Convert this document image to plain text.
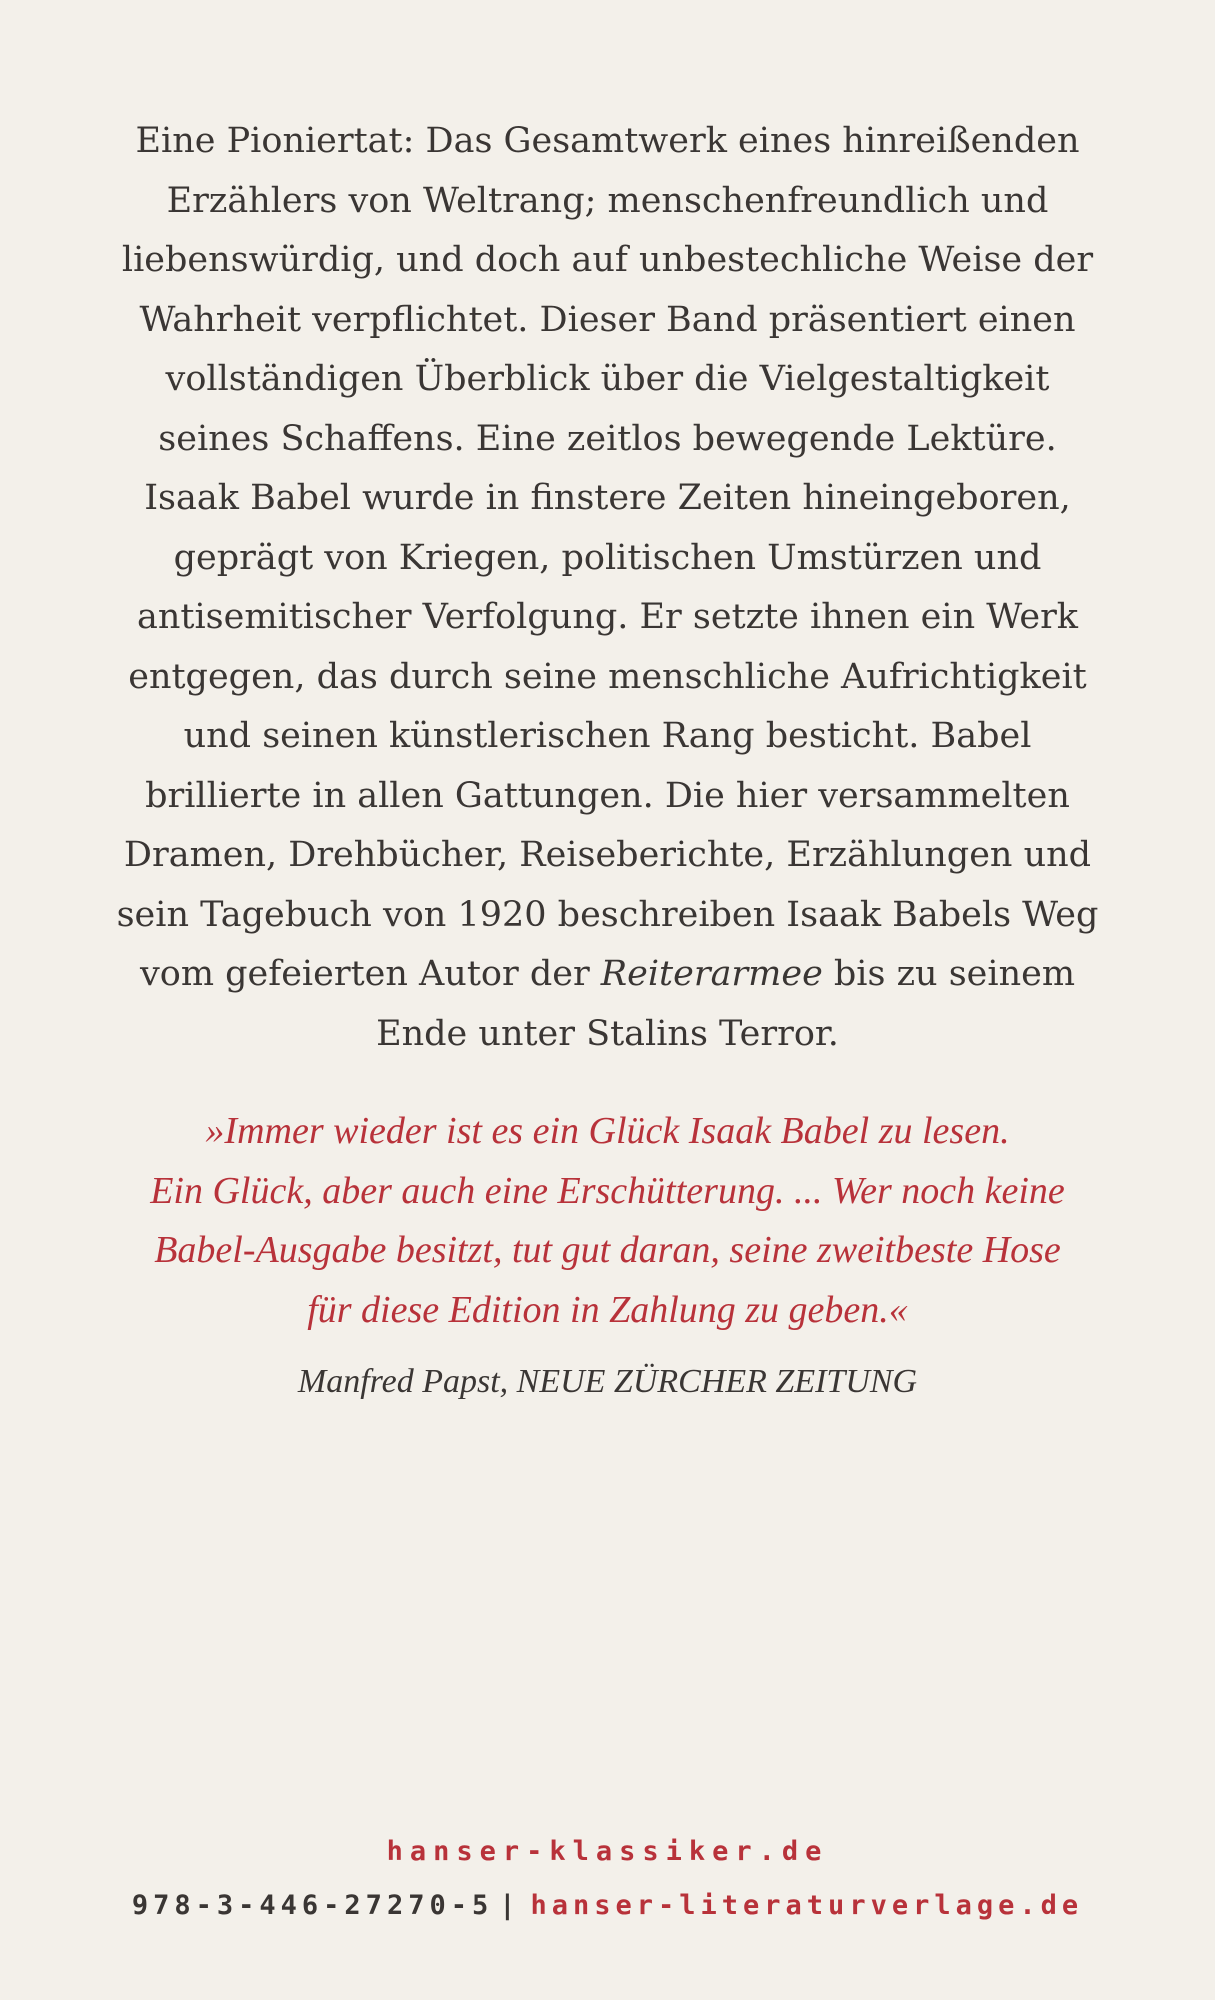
Eine Pioniertat: Das Gesamtwerk eines hinreißenden
Erzählers von Weltrang; menschenfreundlich und
liebenswürdig, und doch auf unbestechliche Weise der
Wahrheit verpflichtet. Dieser Band präsentiert einen
vollständigen Überblick über die Vielgestaltigkeit
seines Schaffens. Eine zeitlos bewegende Lektüre.
Isaak Babel wurde in finstere Zeiten hineingeboren,
geprägt von Kriegen, politischen Umstürzen und
antisemitischer Verfolgung. Er setzte ihnen ein Werk
entgegen, das durch seine menschliche Aufrichtigkeit
und seinen künstlerischen Rang besticht. Babel
brillierte in allen Gattungen. Die hier versammelten
Dramen, Drehbücher, Reiseberichte, Erzählungen und
sein Tagebuch von 1920 beschreiben Isaak Babels Weg
vom gefeierten Autor der Reiterarmee bis zu seinem
Ende unter Stalins Terror.
»Immer wieder ist es ein Glück Isaak Babel zu lesen.
Ein Glück, aber auch eine Erschütterung. ... Wer noch keine
Babel-Ausgabe besitzt, tut gut daran, seine zweitbeste Hose
für diese Edition in Zahlung zu geben.«
Manfred Papst, NEUE ZÜRCHER ZEITUNG
hanser-klassiker.de
978-3-446-27270-5 | hanser-literaturverlage.de
